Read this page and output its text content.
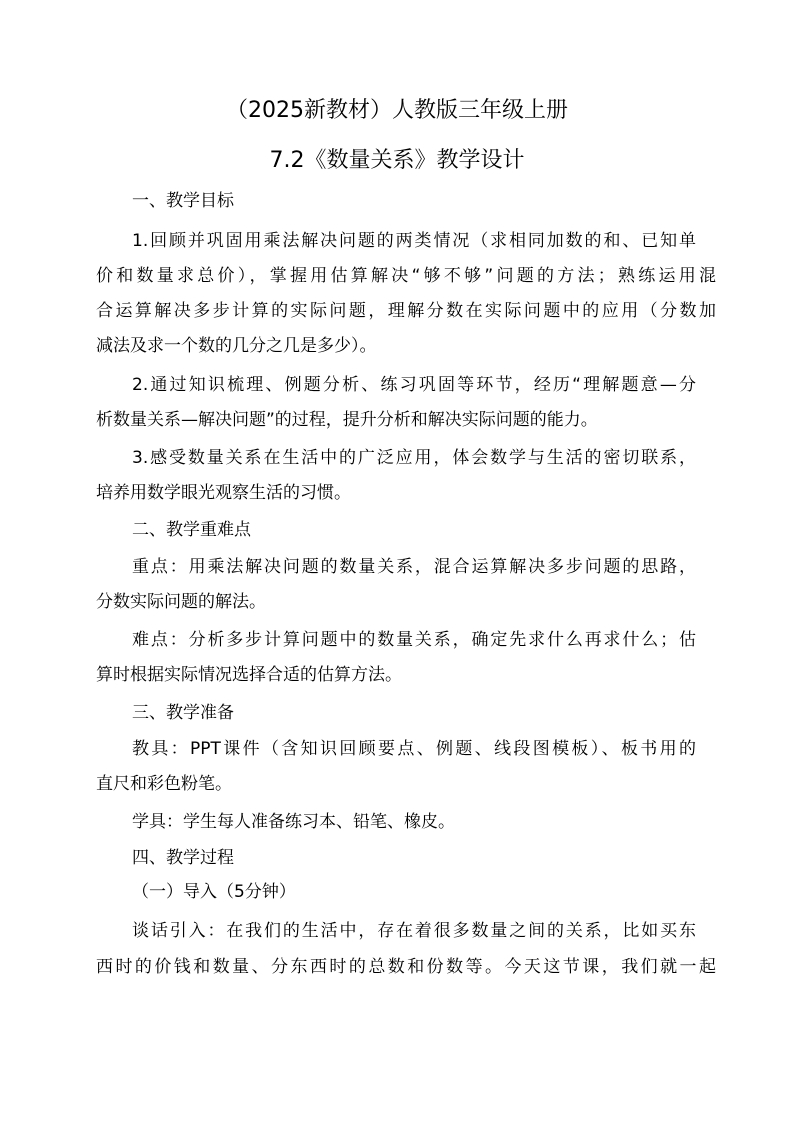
（2025新教材）人教版三年级上册
7.2《数量关系》教学设计
一、教学目标
1.回顾并巩固用乘法解决问题的两类情况（求相同加数的和、已知单
价和数量求总价），掌握用估算解决“够不够”问题的方法；熟练运用混
合运算解决多步计算的实际问题，理解分数在实际问题中的应用（分数加
减法及求一个数的几分之几是多少）。
2.通过知识梳理、例题分析、练习巩固等环节，经历“理解题意—分
析数量关系—解决问题”的过程，提升分析和解决实际问题的能力。
3.感受数量关系在生活中的广泛应用，体会数学与生活的密切联系，
培养用数学眼光观察生活的习惯。
二、教学重难点
重点：用乘法解决问题的数量关系，混合运算解决多步问题的思路，
分数实际问题的解法。
难点：分析多步计算问题中的数量关系，确定先求什么再求什么；估
算时根据实际情况选择合适的估算方法。
三、教学准备
教具：PPT课件（含知识回顾要点、例题、线段图模板）、板书用的
直尺和彩色粉笔。
学具：学生每人准备练习本、铅笔、橡皮。
四、教学过程
（一）导入（5分钟）
谈话引入：在我们的生活中，存在着很多数量之间的关系，比如买东
西时的价钱和数量、分东西时的总数和份数等。今天这节课，我们就一起
